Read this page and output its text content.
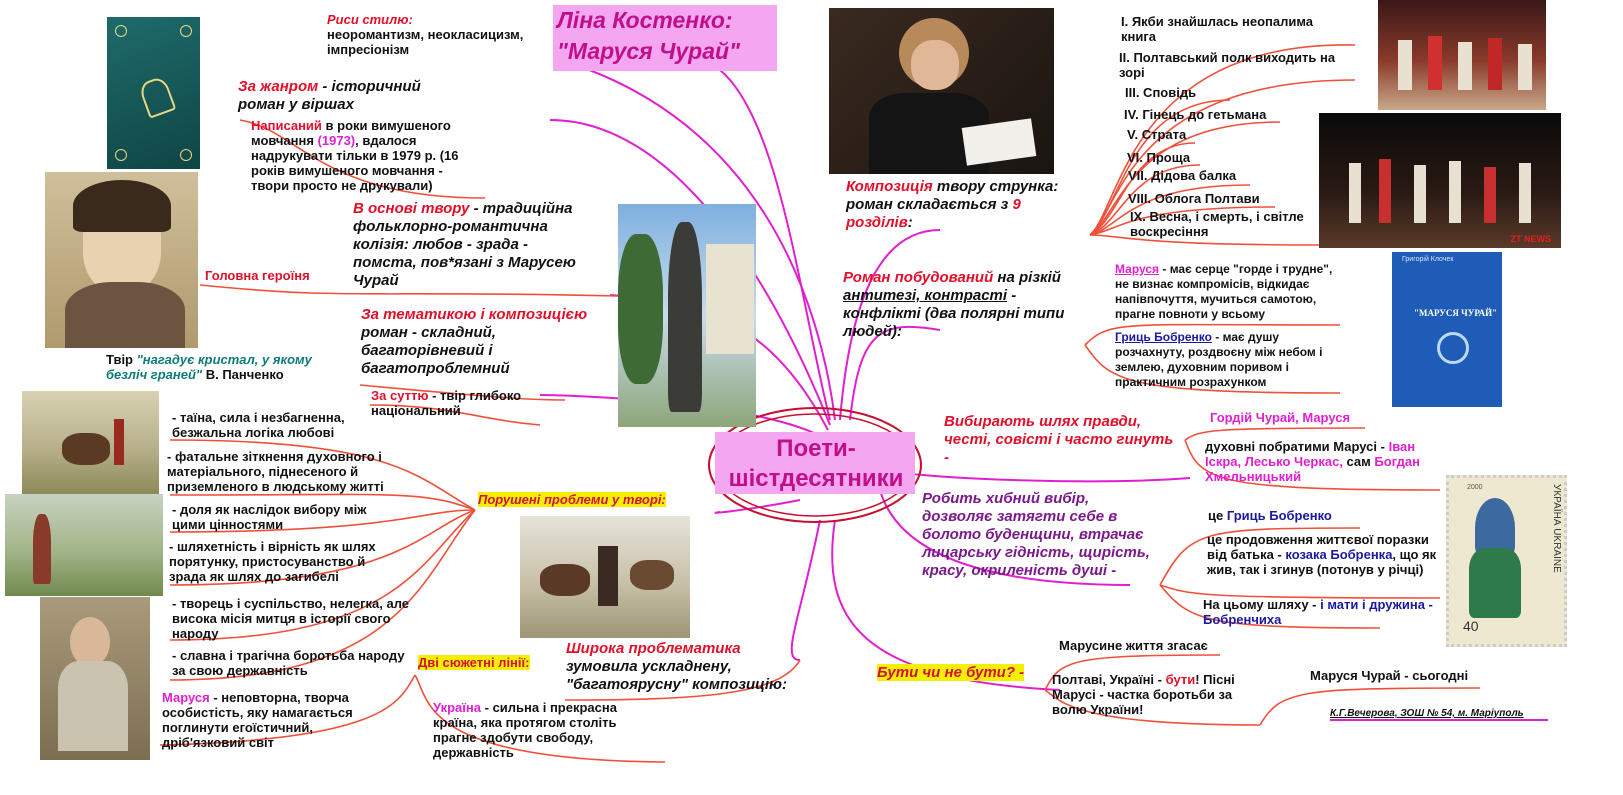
ZT NEWS
Григорій Клочек
"МАРУСЯ ЧУРАЙ"
УКРАЇНА UKRAINE
40
2000
Ліна Костенко:
"Маруся Чурай"
Поети-шістдесятники
Риси стилю:
неоромантизм, неокласицизм, імпресіонізм
За жанром - історичний роман у віршах
Написаний в роки вимушеного мовчання (1973), вдалося надрукувати тільки в 1979 р. (16 років вимушеного мовчання - твори просто не друкували)
В основі твору - традиційна фольклорно-романтична колізія: любов - зрада - помста, пов*язані з Марусею Чурай
Головна героїня
За тематикою і композицією роман - складний, багаторівневий і багатопроблемний
Твір "нагадує кристал, у якому безліч граней" В. Панченко
За суттю - твір глибоко національний
- таїна, сила і незбагненна, безжальна логіка любові
- фатальне зіткнення духовного і матеріального, піднесеного й приземленого в людському житті
- доля як наслідок вибору між цими цінностями
- шляхетність і вірність як шлях порятунку, пристосуванство й зрада як шлях до загибелі
- творець і суспільство, нелегка, але висока місія митця в історії свого народу
- славна і трагічна боротьба народу за свою державність
Порушені проблеми у творі:
Дві сюжетні лінії:
Маруся - неповторна, творча особистість, яку намагається поглинути егоїстичний, дріб'язковий світ
Україна - сильна і прекрасна країна, яка протягом століть прагне здобути свободу, державність
Широка проблематика зумовила ускладнену, "багатоярусну" композицію:
Композиція твору струнка: роман складається з 9 розділів:
I. Якби знайшлась неопалима книга
II. Полтавський полк виходить на зорі
III. Сповідь
IV. Гінець до гетьмана
V. Страта
VI. Проща
VII. Дідова балка
VIII. Облога Полтави
IX. Весна, і смерть, і світле воскресіння
Роман побудований на різкій антитезі, контрасті - конфлікті (два полярні типи людей):
Маруся - має серце "горде і трудне", не визнає компромісів, відкидає напівпочуття, мучиться самотою, прагне повноти у всьому
Гриць Бобренко - має душу розчахнуту, роздвоєну між небом і землею, духовним поривом і практичним розрахунком
Вибирають шлях правди, честі, совісті і часто гинуть -
Гордій Чурай, Маруся
духовні побратими Марусі - Іван Іскра, Лесько Черкас, сам Богдан Хмельницький
Робить хибний вибір, дозволяє затягти себе в болото буденщини, втрачає лицарську гідність, щирість, красу, окриленість душі -
це Гриць Бобренко
це продовження життєвої поразки від батька - козака Бобренка, що як жив, так і згинув (потонув у річці)
На цьому шляху - і мати і дружина - Бобренчиха
Бути чи не бути? -
Марусине життя згасає
Полтаві, Україні - бути! Пісні Марусі - частка боротьби за волю України!
Маруся Чурай - сьогодні
К.Г.Вечерова, ЗОШ № 54, м. Маріуполь
